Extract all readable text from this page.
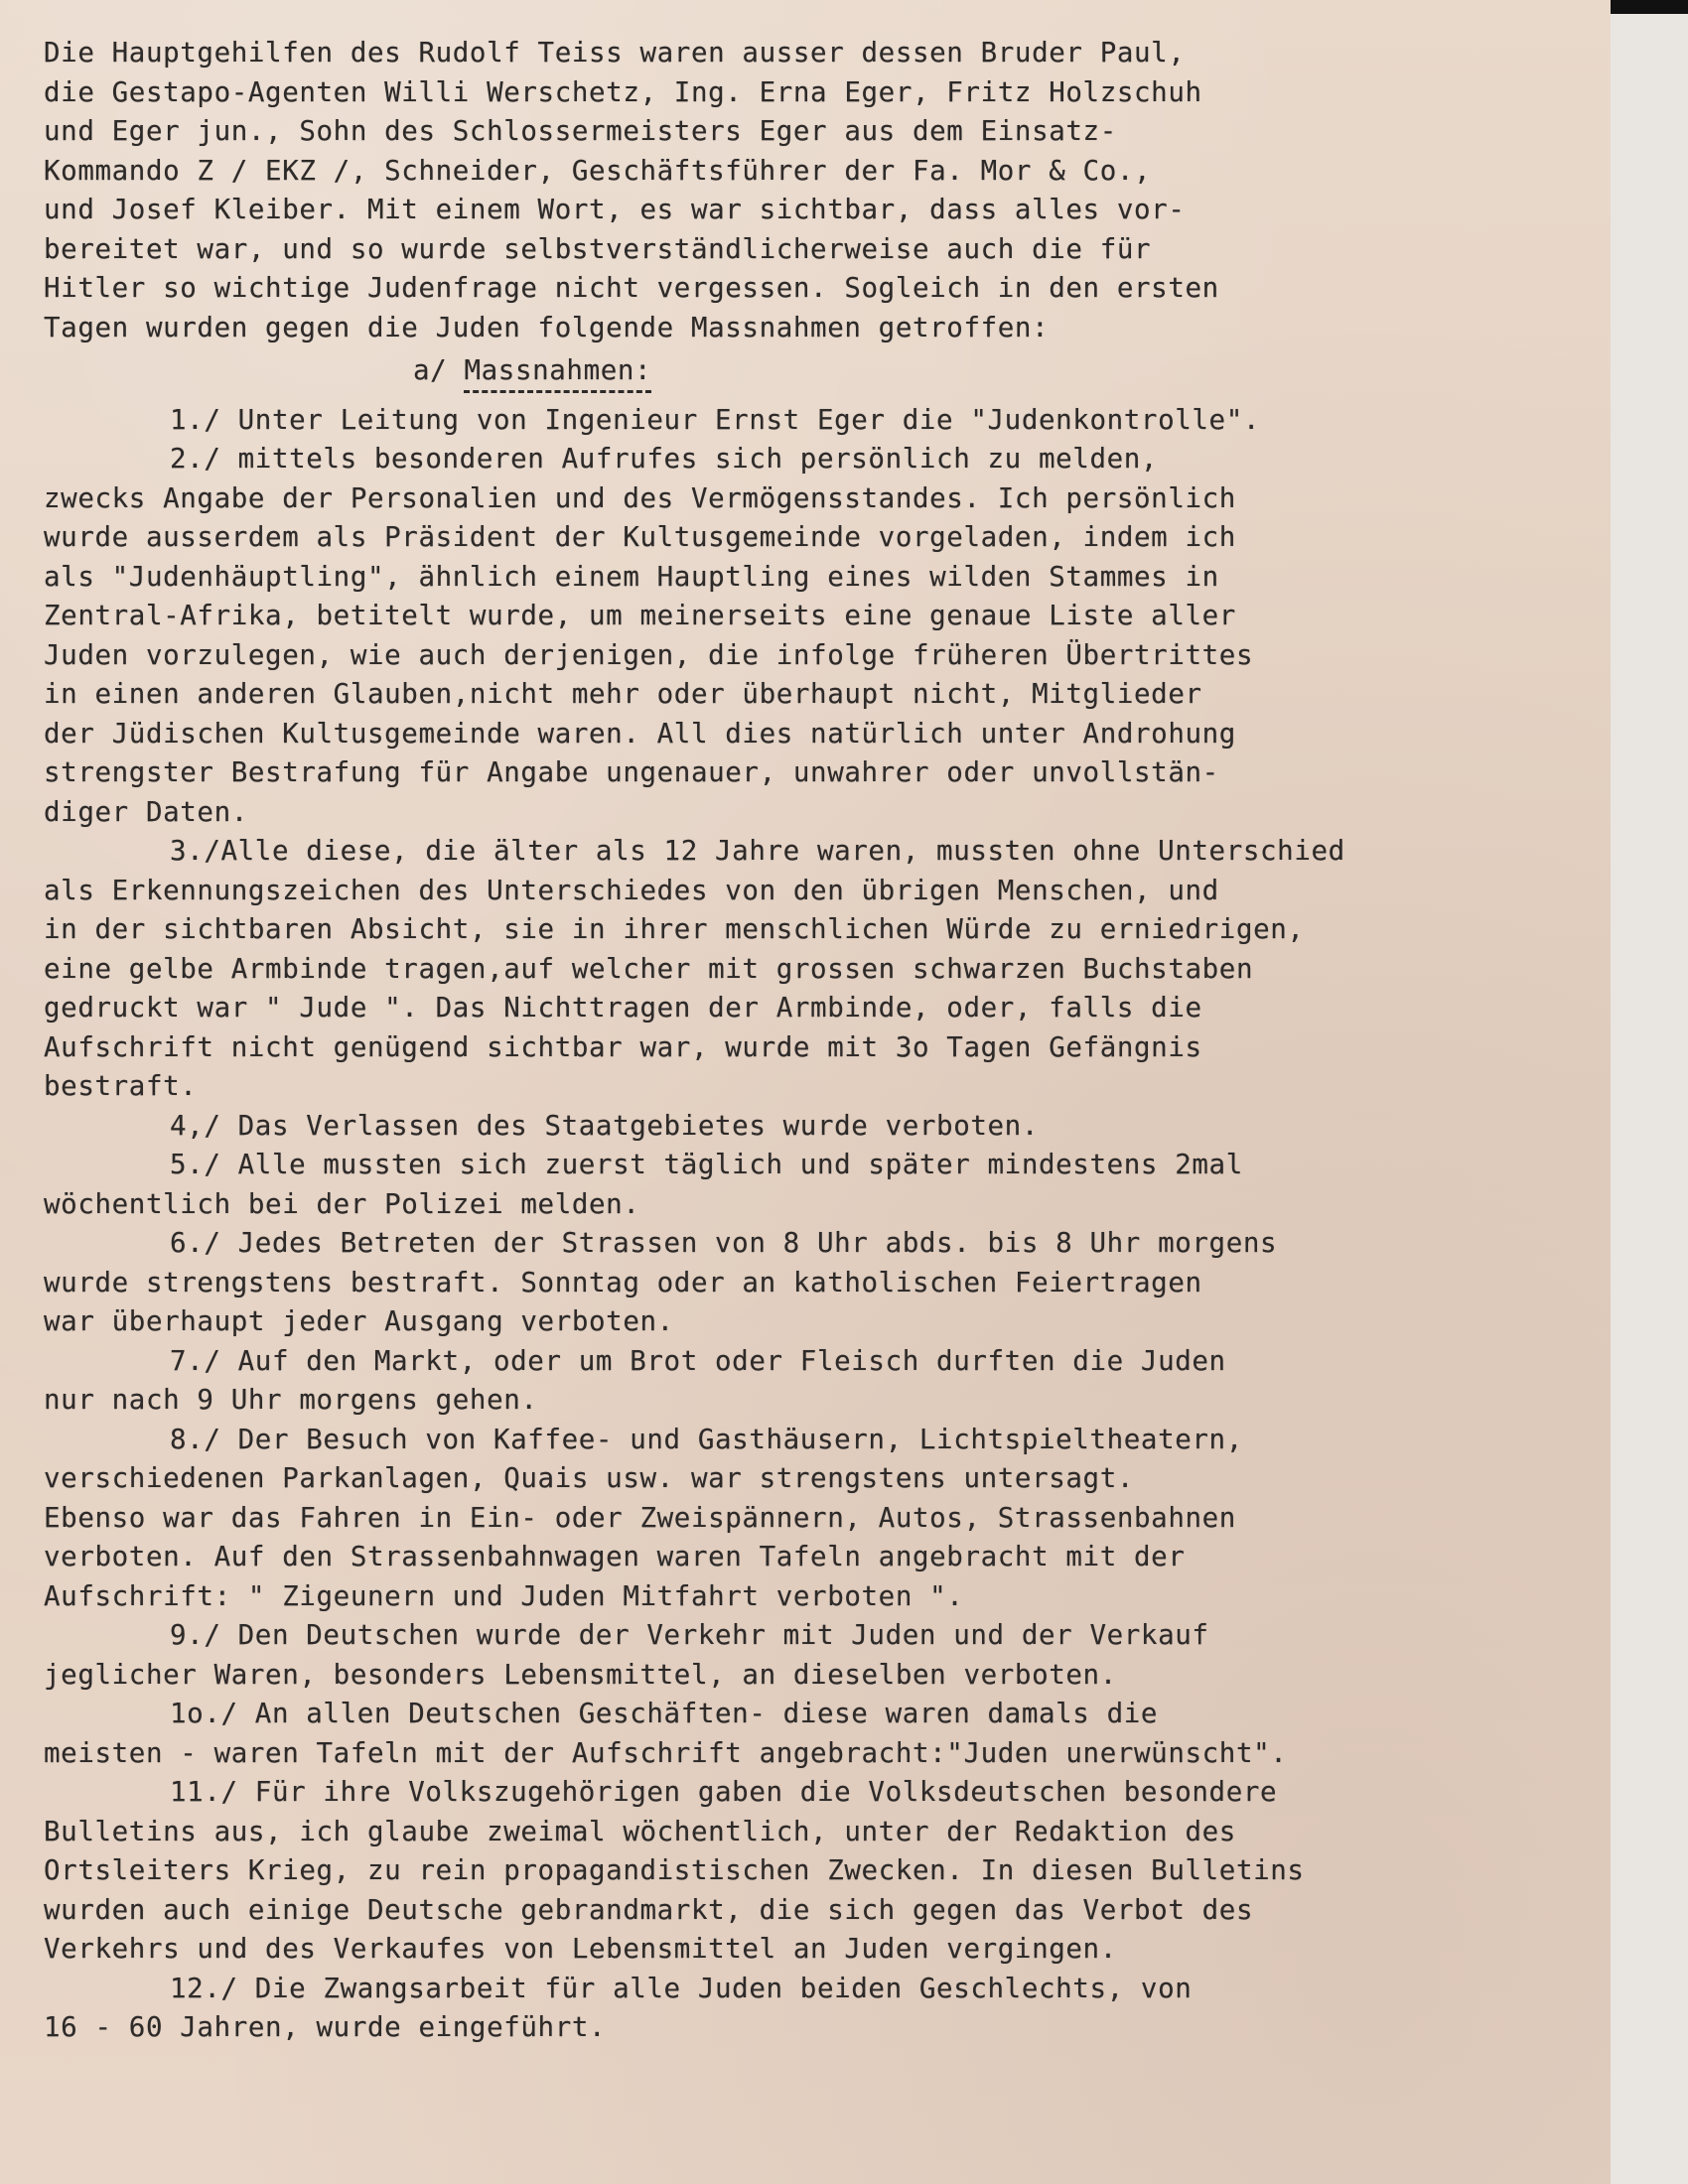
Die Hauptgehilfen des Rudolf Teiss waren ausser dessen Bruder Paul,
die Gestapo-Agenten Willi Werschetz, Ing. Erna Eger, Fritz Holzschuh
und Eger jun., Sohn des Schlossermeisters Eger aus dem Einsatz-
Kommando Z / EKZ /, Schneider, Geschäftsführer der Fa. Mor & Co.,
und Josef Kleiber. Mit einem Wort, es war sichtbar, dass alles vor-
bereitet war, und so wurde selbstverständlicherweise auch die für
Hitler so wichtige Judenfrage nicht vergessen. Sogleich in den ersten
Tagen wurden gegen die Juden folgende Massnahmen getroffen:
a/ Massnahmen:
1./ Unter Leitung von Ingenieur Ernst Eger die "Judenkontrolle".
2./ mittels besonderen Aufrufes sich persönlich zu melden,
zwecks Angabe der Personalien und des Vermögensstandes. Ich persönlich
wurde ausserdem als Präsident der Kultusgemeinde vorgeladen, indem ich
als "Judenhäuptling", ähnlich einem Hauptling eines wilden Stammes in
Zentral-Afrika, betitelt wurde, um meinerseits eine genaue Liste aller
Juden vorzulegen, wie auch derjenigen, die infolge früheren Übertrittes
in einen anderen Glauben,nicht mehr oder überhaupt nicht, Mitglieder
der Jüdischen Kultusgemeinde waren. All dies natürlich unter Androhung
strengster Bestrafung für Angabe ungenauer, unwahrer oder unvollstän-
diger Daten.
3./Alle diese, die älter als 12 Jahre waren, mussten ohne Unterschied
als Erkennungszeichen des Unterschiedes von den übrigen Menschen, und
in der sichtbaren Absicht, sie in ihrer menschlichen Würde zu erniedrigen,
eine gelbe Armbinde tragen,auf welcher mit grossen schwarzen Buchstaben
gedruckt war " Jude ". Das Nichttragen der Armbinde, oder, falls die
Aufschrift nicht genügend sichtbar war, wurde mit 3o Tagen Gefängnis
bestraft.
4,/ Das Verlassen des Staatgebietes wurde verboten.
5./ Alle mussten sich zuerst täglich und später mindestens 2mal
wöchentlich bei der Polizei melden.
6./ Jedes Betreten der Strassen von 8 Uhr abds. bis 8 Uhr morgens
wurde strengstens bestraft. Sonntag oder an katholischen Feiertragen
war überhaupt jeder Ausgang verboten.
7./ Auf den Markt, oder um Brot oder Fleisch durften die Juden
nur nach 9 Uhr morgens gehen.
8./ Der Besuch von Kaffee- und Gasthäusern, Lichtspieltheatern,
verschiedenen Parkanlagen, Quais usw. war strengstens untersagt.
Ebenso war das Fahren in Ein- oder Zweispännern, Autos, Strassenbahnen
verboten. Auf den Strassenbahnwagen waren Tafeln angebracht mit der
Aufschrift: " Zigeunern und Juden Mitfahrt verboten ".
9./ Den Deutschen wurde der Verkehr mit Juden und der Verkauf
jeglicher Waren, besonders Lebensmittel, an dieselben verboten.
1o./ An allen Deutschen Geschäften- diese waren damals die
meisten - waren Tafeln mit der Aufschrift angebracht:"Juden unerwünscht".
11./ Für ihre Volkszugehörigen gaben die Volksdeutschen besondere
Bulletins aus, ich glaube zweimal wöchentlich, unter der Redaktion des
Ortsleiters Krieg, zu rein propagandistischen Zwecken. In diesen Bulletins
wurden auch einige Deutsche gebrandmarkt, die sich gegen das Verbot des
Verkehrs und des Verkaufes von Lebensmittel an Juden vergingen.
12./ Die Zwangsarbeit für alle Juden beiden Geschlechts, von
16 - 60 Jahren, wurde eingeführt.
